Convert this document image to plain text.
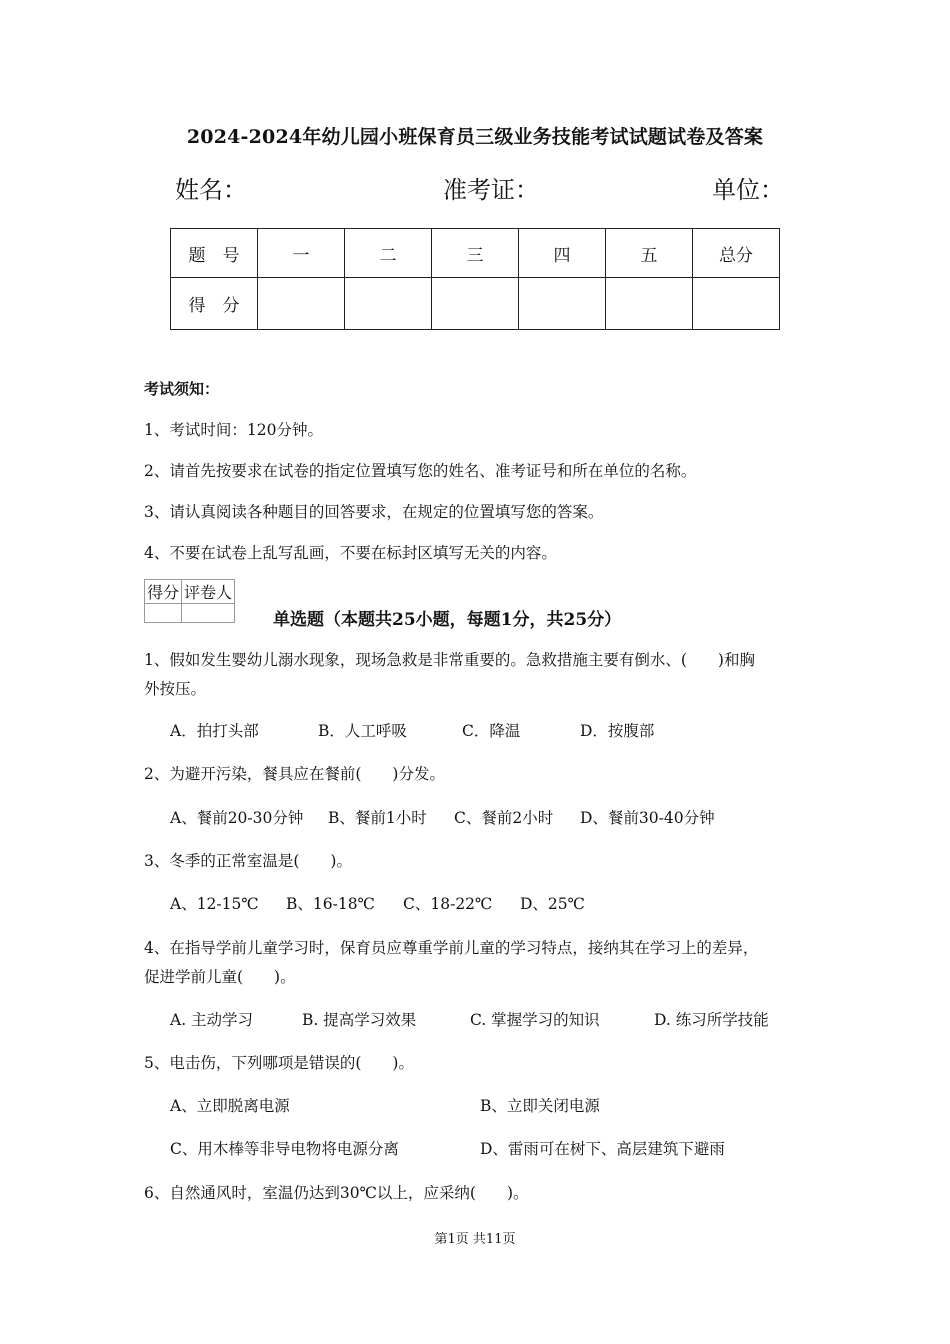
2024-2024年幼儿园小班保育员三级业务技能考试试题试卷及答案
姓名：	准考证：	单位：
题　号	一	二	三	四	五	总分
得　分						
考试须知：
1、考试时间：120分钟。
2、请首先按要求在试卷的指定位置填写您的姓名、准考证号和所在单位的名称。
3、请认真阅读各种题目的回答要求，在规定的位置填写您的答案。
4、不要在试卷上乱写乱画，不要在标封区填写无关的内容。
得分	评卷人

单选题（本题共25小题，每题1分，共25分）
1、假如发生婴幼儿溺水现象，现场急救是非常重要的。急救措施主要有倒水、(　　)和胸
外按压。
A．拍打头部	B．人工呼吸	C．降温	D．按腹部
2、为避开污染，餐具应在餐前(　　)分发。
A、餐前20-30分钟 B、餐前1小时 C、餐前2小时 D、餐前30-40分钟
3、冬季的正常室温是(　　)。
A、12-15℃ B、16-18℃ C、18-22℃ D、25℃
4、在指导学前儿童学习时，保育员应尊重学前儿童的学习特点，接纳其在学习上的差异，
促进学前儿童(　　)。
A. 主动学习	B. 提高学习效果	C. 掌握学习的知识	D. 练习所学技能
5、电击伤，下列哪项是错误的(　　)。
A、立即脱离电源	B、立即关闭电源
C、用木棒等非导电物将电源分离	D、雷雨可在树下、高层建筑下避雨
6、自然通风时，室温仍达到30℃以上，应采纳(　　)。
第1页 共11页
